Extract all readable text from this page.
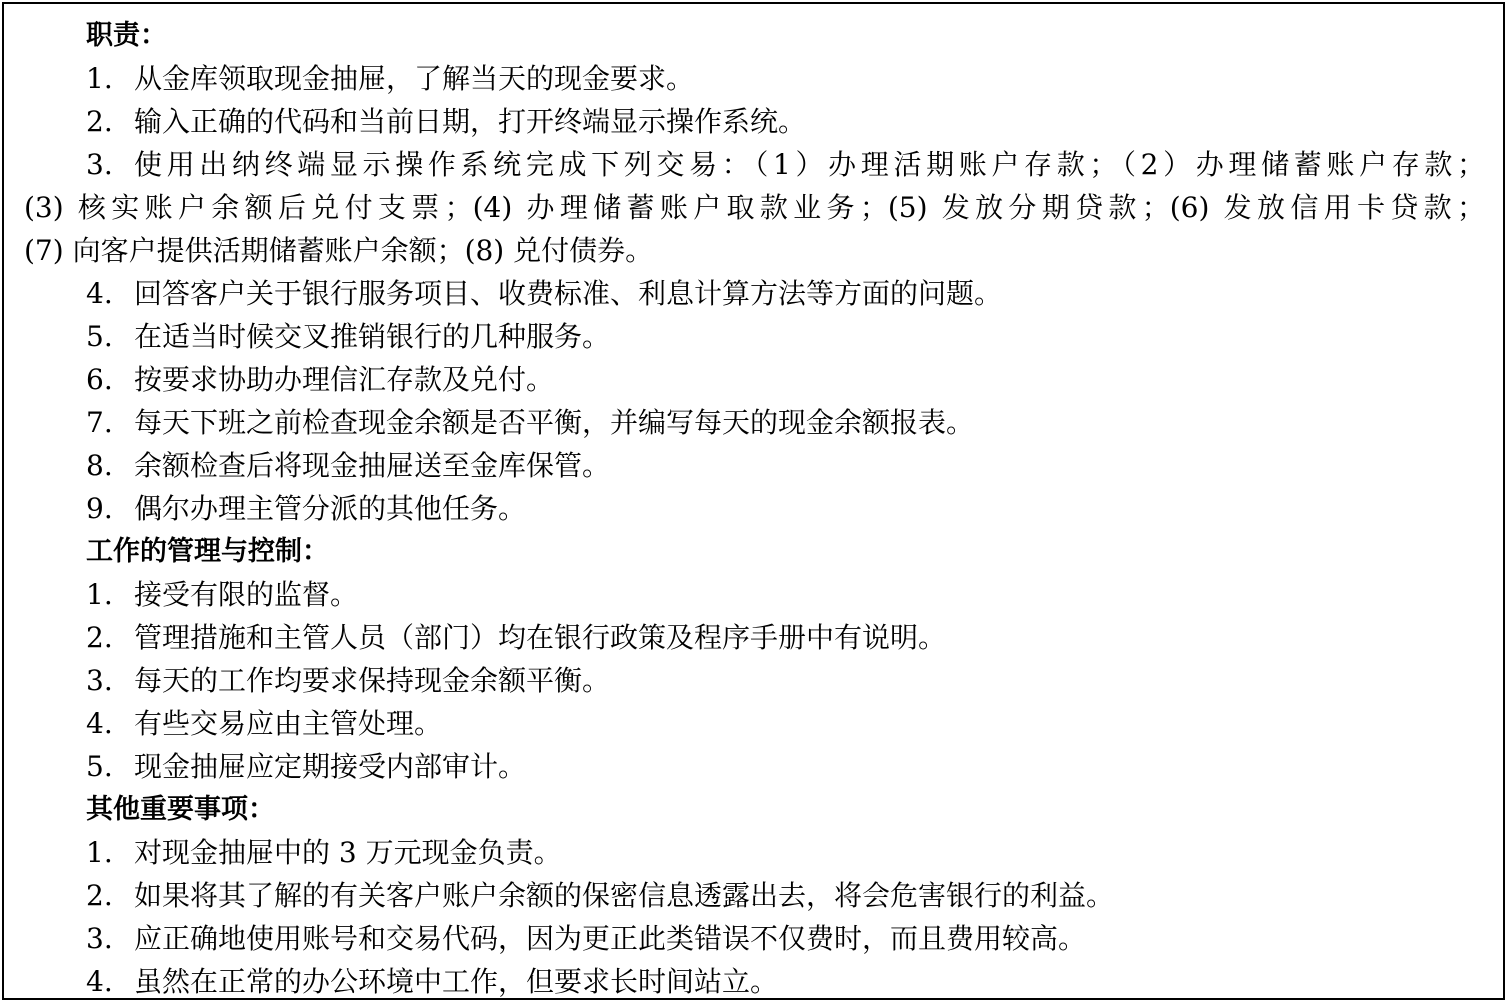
职责：
1. 从金库领取现金抽屉，了解当天的现金要求。
2. 输入正确的代码和当前日期，打开终端显示操作系统。
3. 使用出纳终端显示操作系统完成下列交易：（1）办理活期账户存款；（2）办理储蓄账户存款；
(3) 核实账户余额后兑付支票；(4) 办理储蓄账户取款业务；(5) 发放分期贷款；(6) 发放信用卡贷款；
(7) 向客户提供活期储蓄账户余额；(8) 兑付债券。
4. 回答客户关于银行服务项目、收费标准、利息计算方法等方面的问题。
5. 在适当时候交叉推销银行的几种服务。
6. 按要求协助办理信汇存款及兑付。
7. 每天下班之前检查现金余额是否平衡，并编写每天的现金余额报表。
8. 余额检查后将现金抽屉送至金库保管。
9. 偶尔办理主管分派的其他任务。
工作的管理与控制：
1. 接受有限的监督。
2. 管理措施和主管人员（部门）均在银行政策及程序手册中有说明。
3. 每天的工作均要求保持现金余额平衡。
4. 有些交易应由主管处理。
5. 现金抽屉应定期接受内部审计。
其他重要事项：
1. 对现金抽屉中的 3 万元现金负责。
2. 如果将其了解的有关客户账户余额的保密信息透露出去，将会危害银行的利益。
3. 应正确地使用账号和交易代码，因为更正此类错误不仅费时，而且费用较高。
4. 虽然在正常的办公环境中工作，但要求长时间站立。
